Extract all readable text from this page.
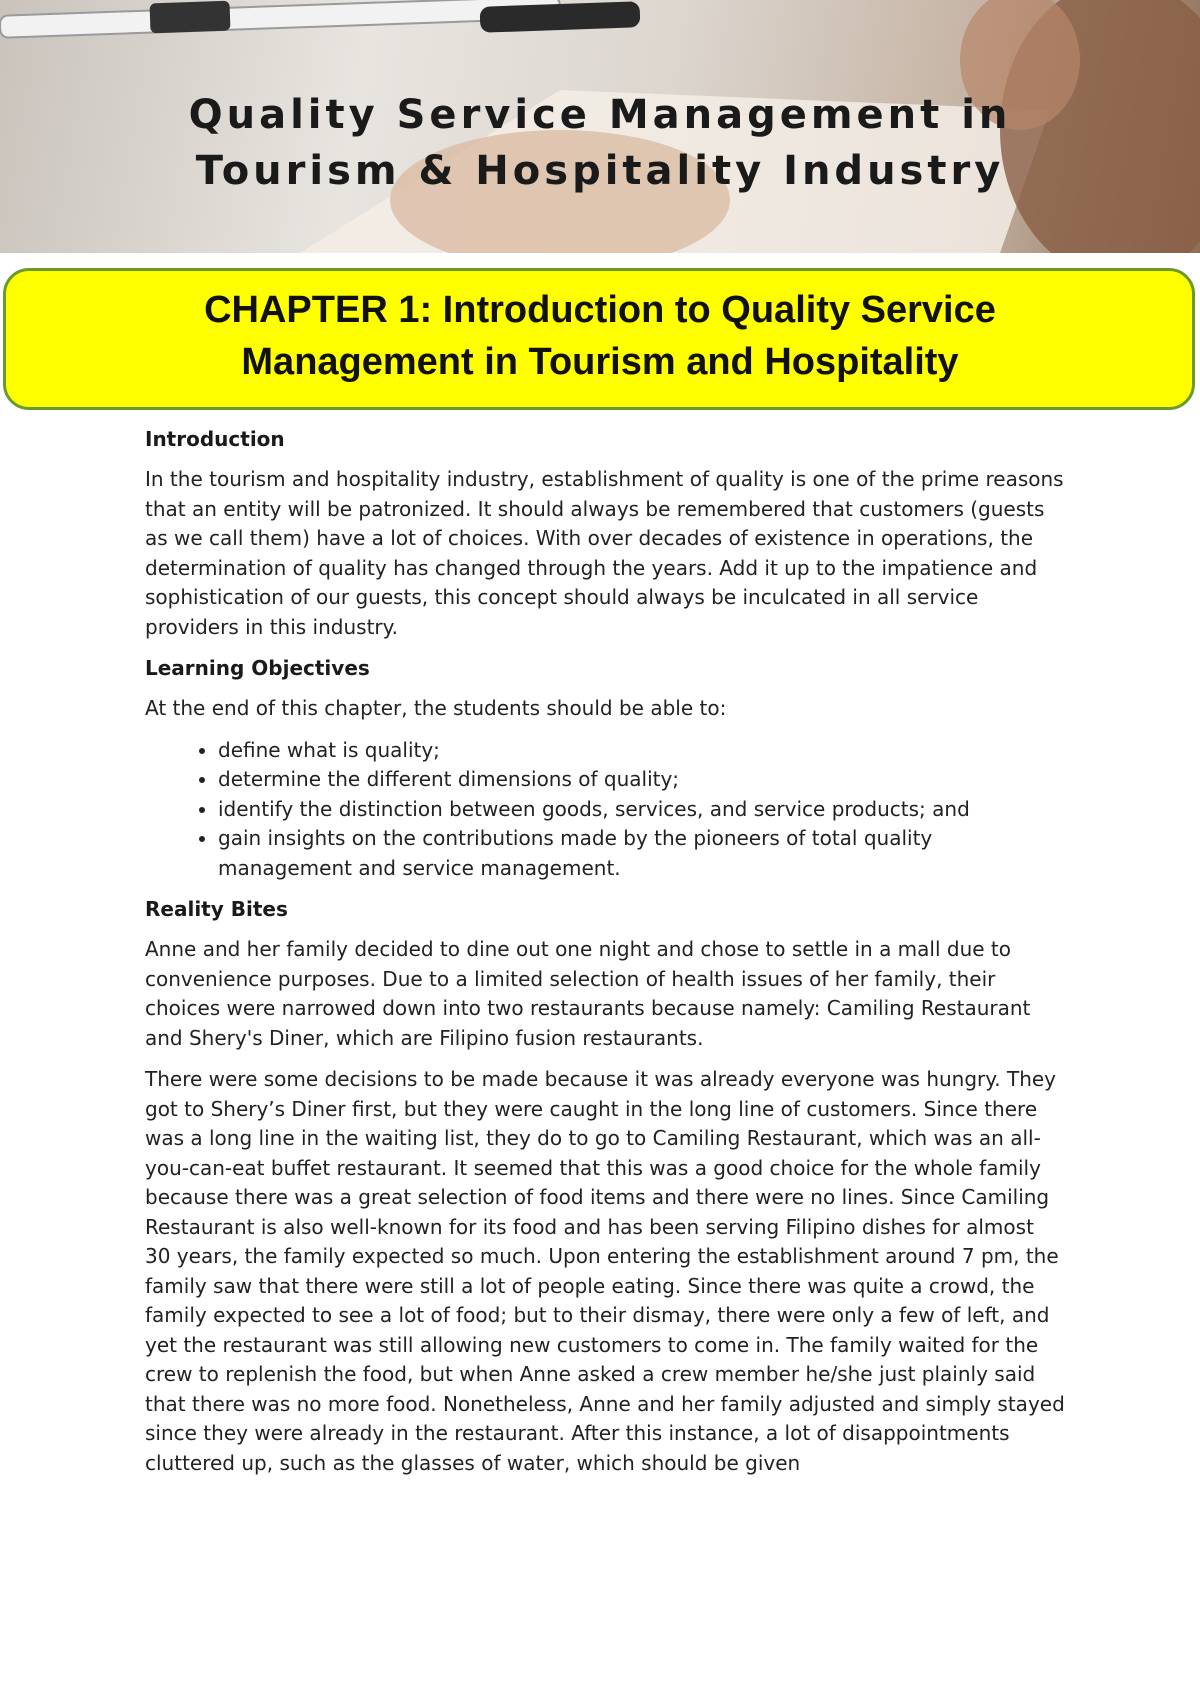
Quality Service Management in
Tourism & Hospitality Industry
CHAPTER 1: Introduction to Quality Service
Management in Tourism and Hospitality
Introduction

In the tourism and hospitality industry, establishment of quality is one of the prime reasons that an entity will be patronized. It should always be remembered that customers (guests as we call them) have a lot of choices. With over decades of existence in operations, the determination of quality has changed through the years. Add it up to the impatience and sophistication of our guests, this concept should always be inculcated in all service providers in this industry.

Learning Objectives

At the end of this chapter, the students should be able to:

• define what is quality;
• determine the different dimensions of quality;
• identify the distinction between goods, services, and service products; and
• gain insights on the contributions made by the pioneers of total quality management and service management.
Reality Bites

Anne and her family decided to dine out one night and chose to settle in a mall due to convenience purposes. Due to a limited selection of health issues of her family, their choices were narrowed down into two restaurants because namely: Camiling Restaurant and Shery's Diner, which are Filipino fusion restaurants.

There were some decisions to be made because it was already everyone was hungry. They got to Shery’s Diner first, but they were caught in the long line of customers. Since there was a long line in the waiting list, they do to go to Camiling Restaurant, which was an all-you-can-eat buffet restaurant. It seemed that this was a good choice for the whole family because there was a great selection of food items and there were no lines. Since Camiling Restaurant is also well-known for its food and has been serving Filipino dishes for almost 30 years, the family expected so much. Upon entering the establishment around 7 pm, the family saw that there were still a lot of people eating. Since there was quite a crowd, the family expected to see a lot of food; but to their dismay, there were only a few of left, and yet the restaurant was still allowing new customers to come in. The family waited for the crew to replenish the food, but when Anne asked a crew member he/she just plainly said that there was no more food. Nonetheless, Anne and her family adjusted and simply stayed since they were already in the restaurant. After this instance, a lot of disappointments cluttered up, such as the glasses of water, which should be given
